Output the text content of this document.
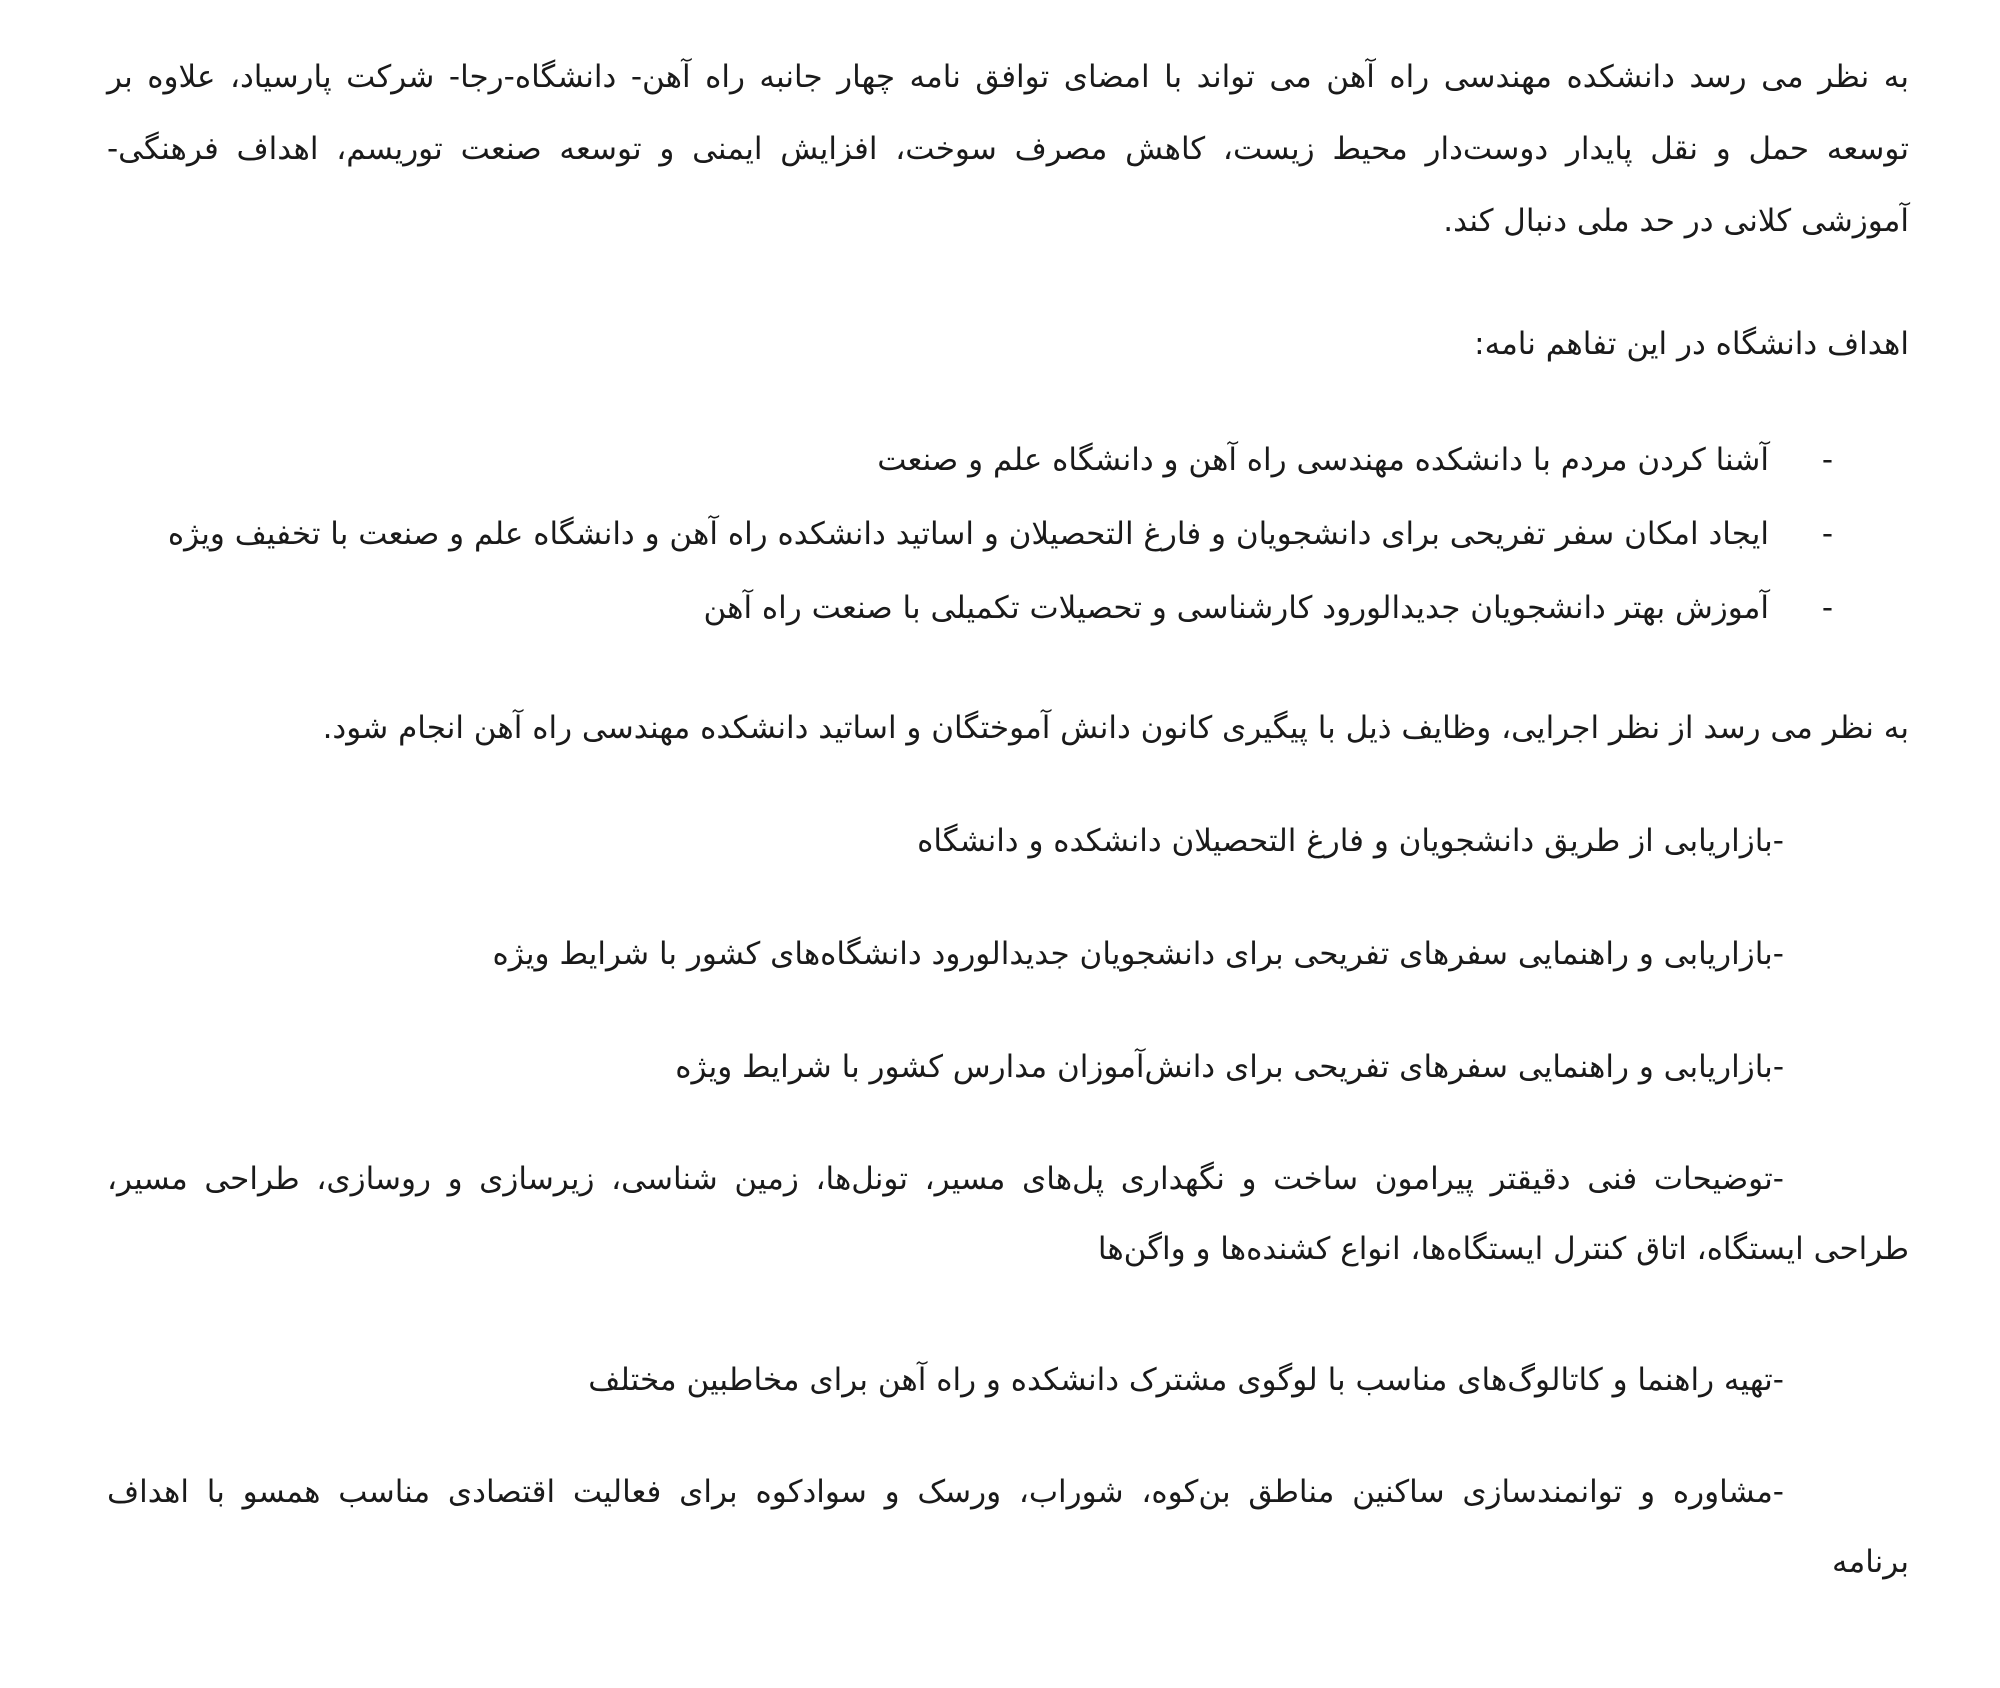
به نظر می رسد دانشکده مهندسی راه آهن می تواند با امضای توافق نامه چهار جانبه راه آهن- دانشگاه-رجا- شرکت پارسیاد، علاوه بر
توسعه حمل و نقل پایدار دوست‌دار محیط زیست، کاهش مصرف سوخت، افزایش ایمنی و توسعه صنعت توریسم، اهداف فرهنگی-
آموزشی کلانی در حد ملی دنبال کند.
اهداف دانشگاه در این تفاهم نامه:
-
آشنا کردن مردم با دانشکده مهندسی راه آهن و دانشگاه علم و صنعت
-
ایجاد امکان سفر تفریحی برای دانشجویان و فارغ التحصیلان و اساتید دانشکده راه آهن و دانشگاه علم و صنعت با تخفیف ویژه
-
آموزش بهتر دانشجویان جدیدالورود کارشناسی و تحصیلات تکمیلی با صنعت راه آهن
به نظر می رسد از نظر اجرایی، وظایف ذیل با پیگیری کانون دانش آموختگان و اساتید دانشکده مهندسی راه آهن انجام شود.
-بازاریابی از طریق دانشجویان و فارغ التحصیلان دانشکده و دانشگاه
-بازاریابی و راهنمایی سفرهای تفریحی برای دانشجویان جدیدالورود دانشگاه‌های کشور با شرایط ویژه
-بازاریابی و راهنمایی سفرهای تفریحی برای دانش‌آموزان مدارس کشور با شرایط ویژه
-توضیحات فنی دقیقتر پیرامون ساخت و نگهداری پل‌های مسیر، تونل‌ها، زمین شناسی، زیرسازی و روسازی، طراحی مسیر،
طراحی ایستگاه، اتاق کنترل ایستگاه‌ها، انواع کشنده‌ها و واگن‌ها
-تهیه راهنما و کاتالوگ‌های مناسب با لوگوی مشترک دانشکده و راه آهن برای مخاطبین مختلف
-مشاوره و توانمندسازی ساکنین مناطق بن‌کوه، شوراب، ورسک و سوادکوه برای فعالیت اقتصادی مناسب همسو با اهداف
برنامه
